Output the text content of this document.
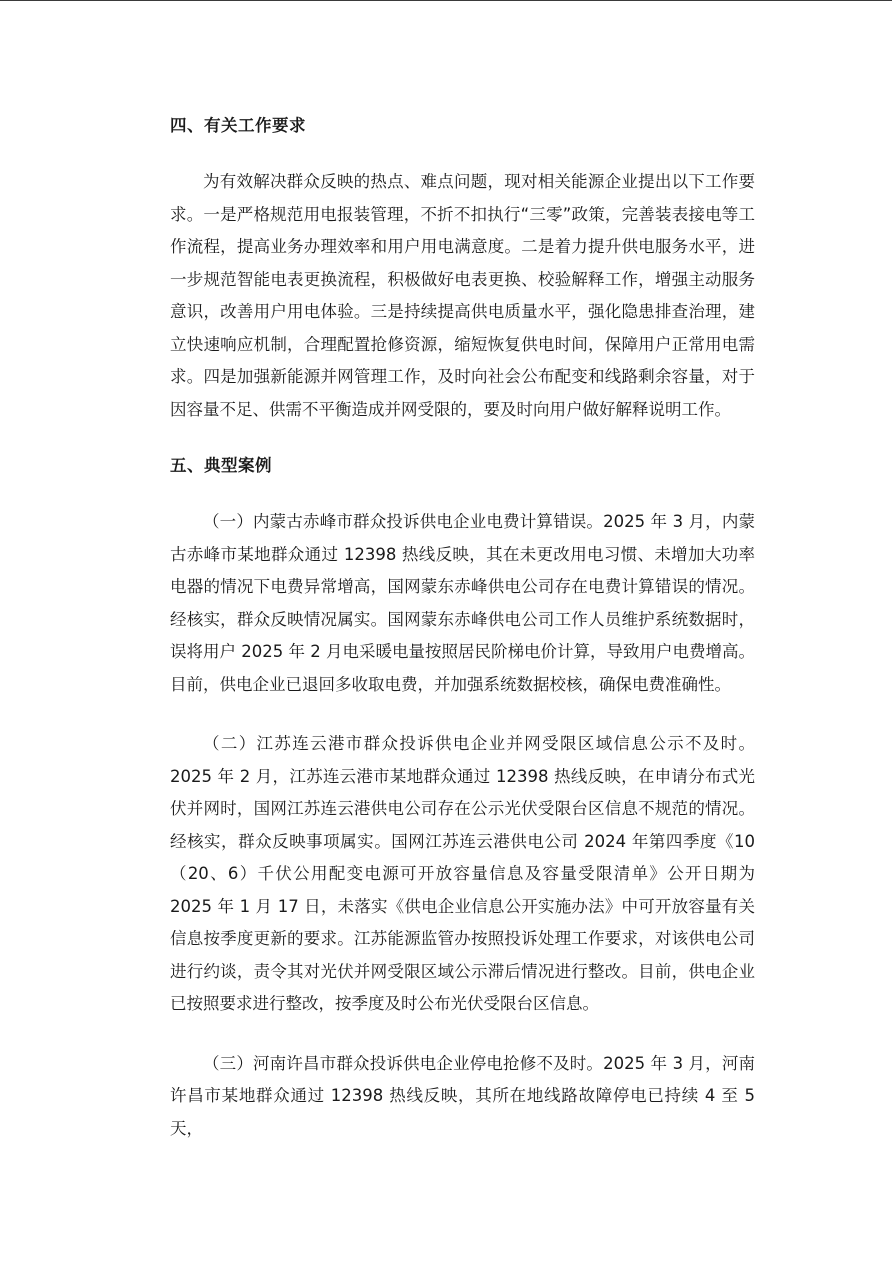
四、有关工作要求

为有效解决群众反映的热点、难点问题，现对相关能源企业提出以下工作要求。一是严格规范用电报装管理，不折不扣执行“三零”政策，完善装表接电等工作流程，提高业务办理效率和用户用电满意度。二是着力提升供电服务水平，进一步规范智能电表更换流程，积极做好电表更换、校验解释工作，增强主动服务意识，改善用户用电体验。三是持续提高供电质量水平，强化隐患排查治理，建立快速响应机制，合理配置抢修资源，缩短恢复供电时间，保障用户正常用电需求。四是加强新能源并网管理工作，及时向社会公布配变和线路剩余容量，对于因容量不足、供需不平衡造成并网受限的，要及时向用户做好解释说明工作。

五、典型案例

（一）内蒙古赤峰市群众投诉供电企业电费计算错误。2025 年 3 月，内蒙古赤峰市某地群众通过 12398 热线反映，其在未更改用电习惯、未增加大功率电器的情况下电费异常增高，国网蒙东赤峰供电公司存在电费计算错误的情况。经核实，群众反映情况属实。国网蒙东赤峰供电公司工作人员维护系统数据时，误将用户 2025 年 2 月电采暖电量按照居民阶梯电价计算，导致用户电费增高。目前，供电企业已退回多收取电费，并加强系统数据校核，确保电费准确性。

（二）江苏连云港市群众投诉供电企业并网受限区域信息公示不及时。2025 年 2 月，江苏连云港市某地群众通过 12398 热线反映，在申请分布式光伏并网时，国网江苏连云港供电公司存在公示光伏受限台区信息不规范的情况。经核实，群众反映事项属实。国网江苏连云港供电公司 2024 年第四季度《10（20、6）千伏公用配变电源可开放容量信息及容量受限清单》公开日期为 2025 年 1 月 17 日，未落实《供电企业信息公开实施办法》中可开放容量有关信息按季度更新的要求。江苏能源监管办按照投诉处理工作要求，对该供电公司进行约谈，责令其对光伏并网受限区域公示滞后情况进行整改。目前，供电企业已按照要求进行整改，按季度及时公布光伏受限台区信息。

（三）河南许昌市群众投诉供电企业停电抢修不及时。2025 年 3 月，河南许昌市某地群众通过 12398 热线反映，其所在地线路故障停电已持续 4 至 5 天，
